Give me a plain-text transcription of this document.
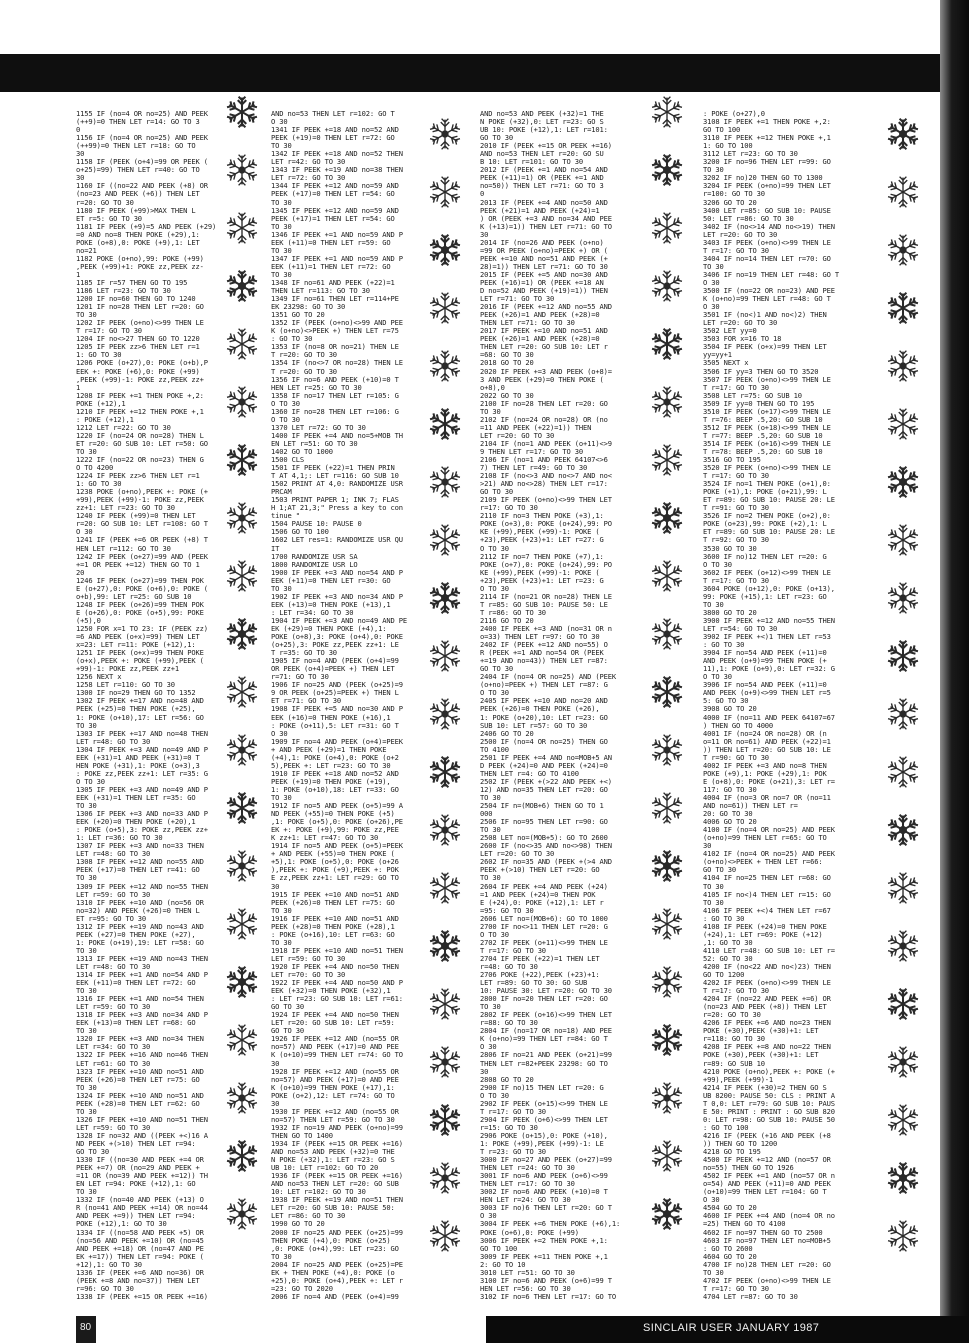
1155 IF (no=4 OR no=25) AND PEEK
(++9)=0 THEN LET r=14: GO TO 3
0
1156 IF (no=4 OR no=25) AND PEEK
(++99)=0 THEN LET r=18: GO TO
30
1158 IF (PEEK (o+4)=99 OR PEEK (
o+25)=99) THEN LET r=40: GO TO
30
1160 IF ((no=22 AND PEEK (+8) OR
(no=23 AND PEEK (+6)) THEN LET
r=20: GO TO 30
1180 IF PEEK (+99)>MAX THEN L
ET r=5: GO TO 30
1181 IF PEEK (+9)=5 AND PEEK (+29)
=0 AND no=8 THEN POKE (+29),1:
POKE (o+8),0: POKE (+9),1: LET
no=21
1182 POKE (o+no),99: POKE (+99)
,PEEK (+99)+1: POKE zz,PEEK zz-
1
1185 IF r=57 THEN GO TO 195
1186 LET r=23: GO TO 30
1200 IF no=60 THEN GO TO 1240
1201 IF no=28 THEN LET r=20: GO
TO 30
1202 IF PEEK (o+no)<>99 THEN LE
T r=17: GO TO 30
1204 IF no<>27 THEN GO TO 1220
1205 IF PEEK zz>6 THEN LET r=1
1: GO TO 30
1206 POKE (o+27),0: POKE (o+b),P
EEK +: POKE (+6),0: POKE (+99)
,PEEK (+99)-1: POKE zz,PEEK zz+
1
1208 IF PEEK +=1 THEN POKE +,2:
POKE (+12),1
1210 IF PEEK +=12 THEN POKE +,1
: POKE (+12),1
1212 LET r=22: GO TO 30
1220 IF (no=24 OR no=28) THEN L
ET r=20: GO SUB 10: LET r=50: GO
TO 30
1222 IF (no=22 OR no=23) THEN G
O TO 4200
1224 IF PEEK zz>6 THEN LET r=1
1: GO TO 30
1238 POKE (o+no),PEEK +: POKE (+
+99),PEEK (+99)-1: POKE zz,PEEK
zz+1: LET r=23: GO TO 30
1240 IF PEEK (+99)=0 THEN LET
r=20: GO SUB 10: LET r=108: GO T
O 30
1241 IF (PEEK +=6 OR PEEK (+8) T
HEN LET r=112: GO TO 30
1242 IF PEEK (o+27)=99 AND (PEEK
+=1 OR PEEK +=12) THEN GO TO 1
20
1246 IF PEEK (o+27)=99 THEN POK
E (o+27),0: POKE (o+6),0: POKE (
o+b),99: LET r=25: GO SUB 10
1248 IF PEEK (o+26)=99 THEN POK
E (o+26),0: POKE (o+5),99: POKE
(+5),0
1250 FOR x=1 TO 23: IF (PEEK zz)
=6 AND PEEK (o+x)=99) THEN LET
x=23: LET r=11: POKE (+12),1:
1251 IF PEEK (o+x)=99 THEN POKE
(o+x),PEEK +: POKE (+99),PEEK (
+99)-1: POKE zz,PEEK zz+1
1256 NEXT x
1258 LET r=110: GO TO 30
1300 IF no=29 THEN GO TO 1352
1302 IF PEEK +=17 AND no=48 AND
PEEK (+25)=0 THEN POKE (+25),
1: POKE (o+10),17: LET r=56: GO
TO 30
1303 IF PEEK +=17 AND no=48 THEN
LET r=48: GO TO 30
1304 IF PEEK +=3 AND no=49 AND P
EEK (+31)=1 AND PEEK (+31)=0 T
HEN POKE (+31),1: POKE (o+3),3
: POKE zz,PEEK zz+1: LET r=35: G
O TO 30
1305 IF PEEK +=3 AND no=49 AND P
EEK (+31)=1 THEN LET r=35: GO
TO 30
1306 IF PEEK +=3 AND no=33 AND P
EEK (+20)=0 THEN POKE (+20),1
: POKE (o+5),3: POKE zz,PEEK zz+
1: LET r=36: GO TO 30
1307 IF PEEK +=3 AND no=33 THEN
LET r=48: GO TO 30
1308 IF PEEK +=12 AND no=55 AND
PEEK (+17)=0 THEN LET r=41: GO
TO 30
1309 IF PEEK +=12 AND no=55 THEN
LET r=59: GO TO 30
1310 IF PEEK +=10 AND (no=56 OR
no=32) AND PEEK (+26)=0 THEN L
ET r=95: GO TO 30
1312 IF PEEK +=19 AND no=43 AND
PEEK (+27)=0 THEN POKE (+27),
1: POKE (o+19),19: LET r=58: GO
TO 30
1313 IF PEEK +=19 AND no=43 THEN
LET r=48: GO TO 30
1314 IF PEEK +=1 AND no=54 AND P
EEK (+11)=0 THEN LET r=72: GO
TO 30
1316 IF PEEK +=1 AND no=54 THEN
LET r=59: GO TO 30
1318 IF PEEK +=3 AND no=34 AND P
EEK (+13)=0 THEN LET r=68: GO
TO 30
1320 IF PEEK +=3 AND no=34 THEN
LET r=34: GO TO 30
1322 IF PEEK +=16 AND no=46 THEN
LET r=61: GO TO 30
1323 IF PEEK +=10 AND no=51 AND
PEEK (+26)=0 THEN LET r=75: GO
TO 30
1324 IF PEEK +=10 AND no=51 AND
PEEK (+28)=0 THEN LET r=62: GO
TO 30
1326 IF PEEK +=10 AND no=51 THEN
LET r=59: GO TO 30
1328 IF no=32 AND ((PEEK +<)16 A
ND PEEK +(>10) THEN LET r=94:
GO TO 30
1330 IF ((no=30 AND PEEK +=4 OR
PEEK +=7) OR (no=29 AND PEEK +
=11 OR (no=39 AND PEEK +=12)) TH
EN LET r=94: POKE (+12),1: GO
TO 30
1332 IF (no=40 AND PEEK (+13) O
R (no=41 AND PEEK +=14) OR no=44
AND PEEK +=9)) THEN LET r=94:
POKE (+12),1: GO TO 30
1334 IF ((no=58 AND PEEK +5) OR
(no=56 AND PEEK +=10) OR (no=45
AND PEEK +=18) OR (no=47 AND PE
EK +=17)) THEN LET r=94: POKE (
+12),1: GO TO 30
1336 IF (PEEK +=6 AND no=36) OR
(PEEK +=8 AND no=37)) THEN LET
r=96: GO TO 30
1338 IF (PEEK +=15 OR PEEK +=16)

AND no=53 THEN LET r=102: GO T
O 30
1341 IF PEEK +=18 AND no=52 AND
PEEK (+19)=0 THEN LET r=72: GO
TO 30
1342 IF PEEK +=18 AND no=52 THEN
LET r=42: GO TO 30
1343 IF PEEK +=19 AND no=38 THEN
LET r=72: GO TO 30
1344 IF PEEK +=12 AND no=59 AND
PEEK (+17)=0 THEN LET r=54: GO
TO 30
1345 IF PEEK +=12 AND no=59 AND
PEEK (+17)=1 THEN LET r=54: GO
TO 30
1346 IF PEEK +=1 AND no=59 AND P
EEK (+11)=0 THEN LET r=59: GO
TO 30
1347 IF PEEK +=1 AND no=59 AND P
EEK (+11)=1 THEN LET r=72: GO
TO 30
1348 IF no=61 AND PEEK (+22)=1
THEN LET r=113: GO TO 30
1349 IF no=61 THEN LET r=114+PE
EK 23298: GO TO 30
1351 GO TO 20
1352 IF (PEEK (o+no)<>99 AND PEE
K (o+no)<>PEEK +) THEN LET r=75
: GO TO 30
1353 IF (no=8 OR no=21) THEN LE
T r=20: GO TO 30
1354 IF (no<>7 OR no=28) THEN LE
T r=20: GO TO 30
1356 IF no=6 AND PEEK (+10)=0 T
HEN LET r=25: GO TO 30
1358 IF no=17 THEN LET r=105: G
O TO 30
1360 IF no=28 THEN LET r=106: G
O TO 30
1370 LET r=72: GO TO 30
1400 IF PEEK +=4 AND no=5+MOB TH
EN LET r=51: GO TO 30
1402 GO TO 1000
1500 CLS
1501 IF PEEK (+22)=1 THEN PRIN
T AT 4,1;: LET r=116: GO SUB 10
1502 PRINT AT 4,0: RANDOMIZE USR
PRCAM
1503 PRINT PAPER 1; INK 7; FLAS
H 1;AT 21,3;" Press a key to con
tinue "
1504 PAUSE 10: PAUSE 0
1506 GO TO 100
1602 LET res=1: RANDOMIZE USR QU
IT
1700 RANDOMIZE USR SA
1800 RANDOMIZE USR LO
1900 IF PEEK +=3 AND no=54 AND P
EEK (+11)=0 THEN LET r=30: GO
TO 30
1902 IF PEEK +=3 AND no=34 AND P
EEK (+13)=0 THEN POKE (+13),1
: LET r=34: GO TO 30
1904 IF PEEK +=3 AND no=49 AND PE
EK (+29)=0 THEN POKE (+4),1:
POKE (o+8),3: POKE (o+4),0: POKE
(o+25),3: POKE zz,PEEK zz+1: LE
T r=35: GO TO 30
1905 IF no=4 AND (PEEK (o+4)=99
OR PEEK (o+4)=PEEK +) THEN LET
r=71: GO TO 30
1906 IF no=25 AND (PEEK (o+25)=9
9 OR PEEK (o+25)=PEEK +) THEN L
ET r=71: GO TO 30
1908 IF PEEK +=5 AND no=30 AND P
EEK (+16)=0 THEN POKE (+16),1
: POKE (o+11),5: LET r=31: GO T
O 30
1909 IF no=4 AND PEEK (o+4)=PEEK
+ AND PEEK (+29)=1 THEN POKE
(+4),1: POKE (o+4),0: POKE (o+2
5),PEEK +: LET r=23: GO TO 30
1910 IF PEEK +=18 AND no=52 AND
PEEK (+19)=0 THEN POKE (+19),
1: POKE (o+10),18: LET r=33: GO
TO 30
1912 IF no=5 AND PEEK (o+5)=99 A
ND PEEK (+55)=0 THEN POKE (+5)
,1: POKE (o+5),0: POKE (o+26),PE
EK +: POKE (+9),99: POKE zz,PEE
K zz+1: LET r=47: GO TO 30
1914 IF no=5 AND PEEK (o+5)=PEEK
+ AND PEEK (+55)=0 THEN POKE (
+5),1: POKE (o+5),0: POKE (o+26
),PEEK +: POKE (+9),PEEK +: POK
E zz,PEEK zz+1: LET r=29: GO TO
30
1915 IF PEEK +=10 AND no=51 AND
PEEK (+26)=0 THEN LET r=75: GO
TO 30
1916 IF PEEK +=10 AND no=51 AND
PEEK (+28)=0 THEN POKE (+28),1
: POKE (o+16),10: LET r=63: GO
TO 30
1918 IF PEEK +=10 AND no=51 THEN
LET r=59: GO TO 30
1920 IF PEEK +=4 AND no=50 THEN
LET r=70: GO TO 30
1922 IF PEEK +=4 AND no=50 AND P
EEK (+32)=0 THEN POKE (+32),1
: LET r=23: GO SUB 10: LET r=61:
GO TO 30
1924 IF PEEK +=4 AND no=50 THEN
LET r=20: GO SUB 10: LET r=59:
GO TO 30
1926 IF PEEK +=12 AND (no=55 OR
no=57) AND PEEK (+17)=0 AND PEE
K (o+10)=99 THEN LET r=74: GO TO
30
1928 IF PEEK +=12 AND (no=55 OR
no=57) AND PEEK (+17)=0 AND PEE
K (o+10)=99 THEN POKE (+17),1:
POKE (o+2),12: LET r=74: GO TO
30
1930 IF PEEK +=12 AND (no=55 OR
no=57) THEN LET r=59: GO TO 30
1932 IF no=19 AND PEEK (o+no)=99
THEN GO TO 1400
1934 IF (PEEK +=15 OR PEEK +=16)
AND no=53 AND PEEK (+32)=0 THE
N POKE (+32),1: LET r=23: GO S
UB 10: LET r=102: GO TO 20
1936 IF (PEEK +=15 OR PEEK +=16)
AND no=53 THEN LET r=20: GO SUB
10: LET r=102: GO TO 30
1938 IF PEEK +=19 AND no=51 THEN
LET r=20: GO SUB 10: PAUSE 50:
LET r=86: GO TO 30
1990 GO TO 20
2000 IF no=25 AND PEEK (o+25)=99
THEN POKE (+4),0: POKE (o+25)
,0: POKE (o+4),99: LET r=23: GO
TO 30
2004 IF no=25 AND PEEK (o+25)=PE
EK + THEN POKE (+4),0: POKE (o
+25),0: POKE (o+4),PEEK +: LET r
=23: GO TO 2020
2006 IF no=4 AND (PEEK (o+4)=99

AND no=53 AND PEEK (+32)=1 THE
N POKE (+32),0: LET r=23: GO S
UB 10: POKE (+12),1: LET r=101:
GO TO 30
2010 IF (PEEK +=15 OR PEEK +=16)
AND no=53 THEN LET r=20: GO SU
B 10: LET r=101: GO TO 30
2012 IF (PEEK +=1 AND no=54 AND
PEEK (+11)=1) OR (PEEK +=1 AND
no=50)) THEN LET r=71: GO TO 3
0
2013 IF (PEEK +=4 AND no=50 AND
PEEK (+21)=1 AND PEEK (+24)=1
) OR (PEEK +=3 AND no=34 AND PEE
K (+13)=1)) THEN LET r=71: GO TO
30
2014 IF (no=26 AND PEEK (o+no)
=99 OR PEEK (o+no)=PEEK +) OR (
PEEK +=10 AND no=51 AND PEEK (+
28)=1)) THEN LET r=71: GO TO 30
2015 IF (PEEK +=5 AND no=30 AND
PEEK (+16)=1) OR (PEEK +=18 AN
D no=52 AND PEEK (+19)=1)) THEN
LET r=71: GO TO 30
2016 IF (PEEK +=12 AND no=55 AND
PEEK (+26)=1 AND PEEK (+28)=0
THEN LET r=71: GO TO 30
2017 IF PEEK +=10 AND no=51 AND
PEEK (+26)=1 AND PEEK (+28)=0
THEN LET r=20: GO SUB 10: LET r
=68: GO TO 30
2018 GO TO 20
2020 IF PEEK +=3 AND PEEK (o+8)=
3 AND PEEK (+29)=0 THEN POKE (
o+8),0
2022 GO TO 30
2100 IF no=28 THEN LET r=20: GO
TO 30
2102 IF (no=24 OR no=28) OR (no
=11 AND PEEK (+22)=1)) THEN
LET r=20: GO TO 30
2104 IF (no=1 AND PEEK (o+11)<>9
9 THEN LET r=17: GO TO 30
2106 IF (no=1 AND PEEK 64107<>6
7) THEN LET r=49: GO TO 30
2108 IF (no<>3 AND no<>7 AND no<
>21) AND no<>28) THEN LET r=17:
GO TO 30
2109 IF PEEK (o+no)<>99 THEN LET
r=17: GO TO 30
2110 IF no=3 THEN POKE (+3),1:
POKE (o+3),0: POKE (o+24),99: PO
KE (+99),PEEK (+99)-1: POKE (
+23),PEEK (+23)+1: LET r=27: G
O TO 30
2112 IF no=7 THEN POKE (+7),1:
POKE (o+7),0: POKE (o+24),99: PO
KE (+99),PEEK (+99)-1: POKE (
+23),PEEK (+23)+1: LET r=23: G
O TO 30
2114 IF (no=21 OR no=28) THEN LE
T r=85: GO SUB 10: PAUSE 50: LE
T r=86: GO TO 30
2116 GO TO 20
2400 IF PEEK +=3 AND (no=31 OR n
o=33) THEN LET r=97: GO TO 30
2402 IF (PEEK +=12 AND no=55) O
R (PEEK +=1 AND no=54 OR (PEEK
+=19 AND no=43)) THEN LET r=87:
GO TO 30
2404 IF (no=4 OR no=25) AND (PEEK
(o+no)=PEEK +) THEN LET r=87: G
O TO 30
2405 IF PEEK +=10 AND no=20 AND
PEEK (+26)=0 THEN POKE (+26),
1: POKE (o+20),10: LET r=23: GO
SUB 10: LET r=57: GO TO 30
2406 GO TO 20
2500 IF (no=4 OR no=25) THEN GO
TO 4100
2501 IF PEEK +=4 AND no=MOB+5 AN
D PEEK (+24)=0 AND PEEK (+24)=0
THEN LET r=4: GO TO 4100
2502 IF (PEEK +(>22 AND PEEK +<)
12) AND no=35 THEN LET r=20: GO
TO 30
2504 IF n=(MOB+6) THEN GO TO 1
000
2506 IF no=95 THEN LET r=90: GO
TO 30
2508 LET no=(MOB+5): GO TO 2600
2600 IF (no<>35 AND no<>98) THEN
LET r=20: GO TO 30
2602 IF no=35 AND (PEEK +(>4 AND
PEEK +(>10) THEN LET r=20: GO
TO 30
2604 IF PEEK +=4 AND PEEK (+24)
=1 AND PEEK (+24)=0 THEN POK
E (+24),0: POKE (+12),1: LET r
=95: GO TO 30
2606 LET no=(MOB+6): GO TO 1000
2700 IF no<>11 THEN LET r=20: G
O TO 30
2702 IF PEEK (o+11)<>99 THEN LE
T r=17: GO TO 30
2704 IF PEEK (+22)=1 THEN LET
r=48: GO TO 30
2706 POKE (+22),PEEK (+23)+1:
LET r=89: GO TO 30: GO SUB
10: PAUSE 30: LET r=20: GO TO 30
2800 IF no=20 THEN LET r=20: GO
TO 30
2802 IF PEEK (o+16)<>99 THEN LET
r=88: GO TO 30
2804 IF (no=17 OR no=18) AND PEE
K (o+no)=99 THEN LET r=84: GO T
O 30
2806 IF no=21 AND PEEK (o+21)=99
THEN LET r=82+PEEK 23298: GO TO
30
2808 GO TO 20
2900 IF no)15 THEN LET r=20: G
O TO 30
2902 IF PEEK (o+15)<>99 THEN LE
T r=17: GO TO 30
2904 IF PEEK (o+6)<>99 THEN LET
r=15: GO TO 30
2906 POKE (o+15),0: POKE (+10),
1: POKE (+99),PEEK (+99)-1: LE
T r=23: GO TO 30
3000 IF no=27 AND PEEK (o+27)=99
THEN LET r=24: GO TO 30
3001 IF no=6 AND PEEK (o+6)<>99
THEN LET r=17: GO TO 30
3002 IF no=6 AND PEEK (+10)=0 T
HEN LET r=24: GO TO 30
3003 IF no)6 THEN LET r=20: GO T
O 30
3004 IF PEEK +=6 THEN POKE (+6),1:
POKE (o+6),0: POKE (+99)
3006 IF PEEK +=2 THEN POKE +,1:
GO TO 100
3009 IF PEEK +=11 THEN POKE +,1
2: GO TO 10
3010 LET r=51: GO TO 30
3100 IF no=6 AND PEEK (o+6)=99 T
HEN LET r=56: GO TO 30
3102 IF no=6 THEN LET r=17: GO TO

: POKE (o+27),0
3108 IF PEEK +=1 THEN POKE +,2:
GO TO 100
3110 IF PEEK +=12 THEN POKE +,1
1: GO TO 100
3112 LET r=23: GO TO 30
3200 IF no=96 THEN LET r=99: GO
TO 30
3202 IF no)20 THEN GO TO 1300
3204 IF PEEK (o+no)=99 THEN LET
r=100: GO TO 30
3206 GO TO 20
3400 LET r=85: GO SUB 10: PAUSE
50: LET r=86: GO TO 30
3402 IF (no<>14 AND no<>19) THEN
LET r=20: GO TO 30
3403 IF PEEK (o+no)<>99 THEN LE
T r=17: GO TO 30
3404 IF no=14 THEN LET r=70: GO
TO 30
3406 IF no=19 THEN LET r=48: GO T
O 30
3500 IF (no=22 OR no=23) AND PEE
K (o+no)=99 THEN LET r=48: GO T
O 30
3501 IF (no<)1 AND no<)2) THEN
LET r=20: GO TO 30
3502 LET yy=0
3503 FOR x=16 TO 18
3504 IF PEEK (o+x)=99 THEN LET
yy=yy+1
3505 NEXT x
3506 IF yy=3 THEN GO TO 3520
3507 IF PEEK (o+no)<>99 THEN LE
T r=17: GO TO 30
3508 LET r=75: GO SUB 10
3509 IF yy=0 THEN GO TO 195
3510 IF PEEK (o+17)<>99 THEN LE
T r=76: BEEP .5,20: GO SUB 10
3512 IF PEEK (o+18)<>99 THEN LE
T r=77: BEEP .5,20: GO SUB 10
3514 IF PEEK (o+16)<>99 THEN LE
T r=78: BEEP .5,20: GO SUB 10
3516 GO TO 195
3520 IF PEEK (o+no)<>99 THEN LE
T r=17: GO TO 30
3524 IF no=1 THEN POKE (o+1),0:
POKE (+1),1: POKE (o+21),99: L
ET r=89: GO SUB 10: PAUSE 20: LE
T r=91: GO TO 30
3526 IF no=2 THEN POKE (o+2),0:
POKE (o+23),99: POKE (+2),1: L
ET r=89: GO SUB 10: PAUSE 20: LE
T r=92: GO TO 30
3530 GO TO 30
3600 IF no)12 THEN LET r=20: G
O TO 30
3602 IF PEEK (o+12)<>99 THEN LE
T r=17: GO TO 30
3604 POKE (o+12),0: POKE (o+13),
99: POKE (+15),1: LET r=23: GO
TO 30
3800 GO TO 20
3900 IF PEEK +=12 AND no=55 THEN
LET r=54: GO TO 30
3902 IF PEEK +<)1 THEN LET r=53
: GO TO 30
3904 IF no=54 AND PEEK (+11)=0
AND PEEK (o+9)=99 THEN POKE (+
11),1: POKE (o+9),0: LET r=32: G
O TO 30
3906 IF no=54 AND PEEK (+11)=0
AND PEEK (o+9)<>99 THEN LET r=5
5: GO TO 30
3908 GO TO 20
4000 IF (no=11 AND PEEK 64107=67
) THEN GO TO 4000
4001 IF (no=24 OR no=28) OR (n
o=11 OR no=61) AND PEEK (+22)=1
)) THEN LET r=20: GO SUB 10: LE
T r=90: GO TO 30
4002 IF PEEK +=3 AND no=8 THEN
POKE (+9),1: POKE (+29),1: POK
E (o+8),0: POKE (o+21),3: LET r=
117: GO TO 30
4004 IF (no=3 OR no=7 OR (no=11
AND no=61)) THEN LET r=
20: GO TO 30
4006 GO TO 20
4100 IF (no=4 OR no=25) AND PEEK
(o+no)=99 THEN LET r=65: GO TO
30
4102 IF (no=4 OR no=25) AND PEEK
(o+no)<>PEEK + THEN LET r=66:
GO TO 30
4104 IF no=25 THEN LET r=68: GO
TO 30
4105 IF no<)4 THEN LET r=15: GO
TO 30
4106 IF PEEK +<)4 THEN LET r=67
: GO TO 30
4108 IF PEEK (+24)=0 THEN POKE
(+24),1: LET r=69: POKE (+12)
,1: GO TO 30
4110 LET r=48: GO SUB 10: LET r=
52: GO TO 30
4200 IF (no<22 AND no<)23) THEN
GO TO 1200
4202 IF PEEK (o+no)<>99 THEN LE
T r=17: GO TO 30
4204 IF (no=22 AND PEEK +=6) OR
(no=23 AND PEEK (+8)) THEN LET
r=20: GO TO 30
4206 IF PEEK +=6 AND no=23 THEN
POKE (+30),PEEK (+30)+1: LET
r=118: GO TO 30
4208 IF PEEK +=8 AND no=22 THEN
POKE (+30),PEEK (+30)+1: LET
r=89: GO SUB 10
4210 POKE (o+no),PEEK +: POKE (+
+99),PEEK (+99)-1
4214 IF PEEK (+30)=2 THEN GO S
UB 8200: PAUSE 50: CLS : PRINT A
T 0,0: LET r=79: GO SUB 10: PAUS
E 50: PRINT : PRINT : GO SUB 820
0: LET r=98: GO SUB 10: PAUSE 50
: GO TO 100
4216 IF (PEEK (+16 AND PEEK (+8
)) THEN GO TO 1200
4218 GO TO 195
4500 IF PEEK +=12 AND (no=57 OR
no=55) THEN GO TO 1926
4502 IF PEEK +=1 AND (no=57 OR n
o=54) AND PEEK (+11)=0 AND PEEK
(o+10)=99 THEN LET r=104: GO T
O 30
4504 GO TO 20
4600 IF PEEK +=4 AND (no=4 OR no
=25) THEN GO TO 4100
4602 IF no=97 THEN GO TO 2500
4603 IF no=97 THEN LET no=MOB+5
: GO TO 2600
4604 GO TO 20
4700 IF no)28 THEN LET r=20: GO
TO 30
4702 IF PEEK (o+no)<>99 THEN LE
T r=17: GO TO 30
4704 LET r=87: GO TO 30

80	SINCLAIR USER JANUARY 1987
